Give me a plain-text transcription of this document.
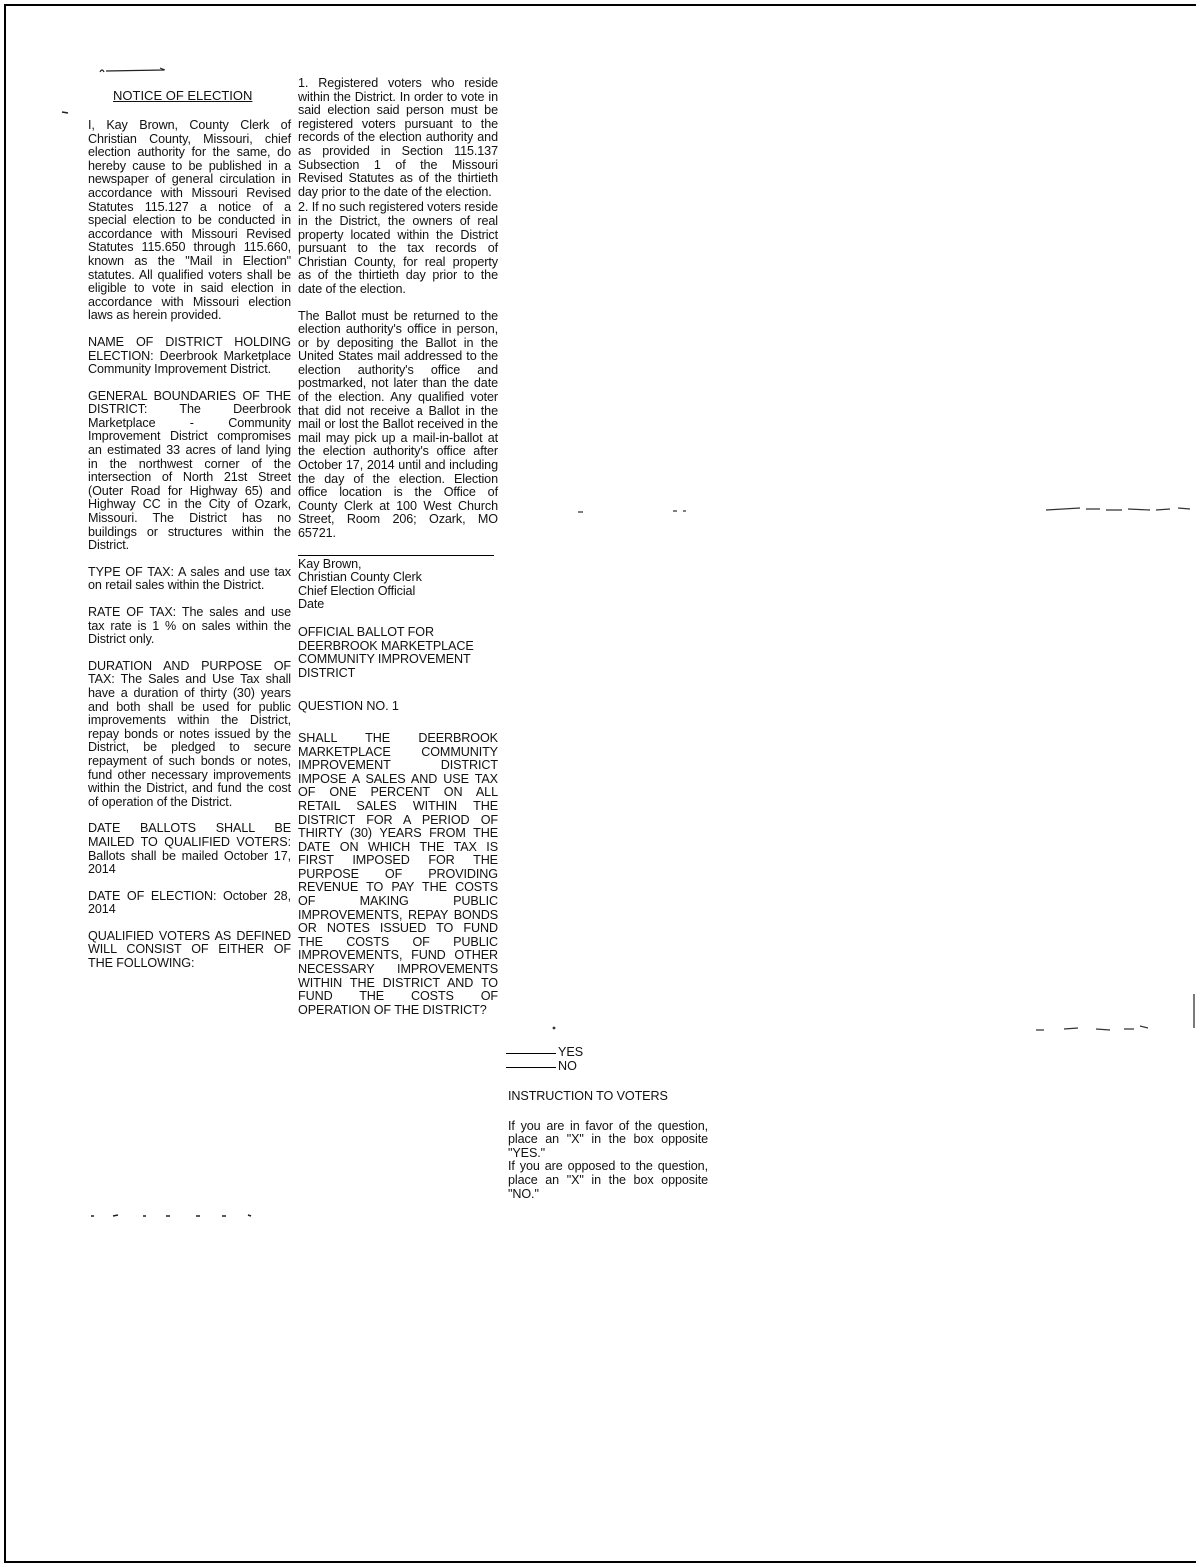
NOTICE OF ELECTION

I, Kay Brown, County Clerk of Christian County, Missouri, chief election authority for the same, do hereby cause to be published in a newspaper of general circulation in accordance with Missouri Revised Statutes 115.127 a notice of a special election to be conducted in accordance with Missouri Revised Statutes 115.650 through 115.660, known as the "Mail in Election" statutes. All qualified voters shall be eligible to vote in said election in accordance with Missouri election laws as herein provided.

NAME OF DISTRICT HOLDING ELECTION: Deerbrook Marketplace Community Improvement District.

GENERAL BOUNDARIES OF THE DISTRICT: The Deerbrook Marketplace - Community Improvement District compromises an estimated 33 acres of land lying in the northwest corner of the intersection of North 21st Street (Outer Road for Highway 65) and Highway CC in the City of Ozark, Missouri. The District has no buildings or structures within the District.

TYPE OF TAX: A sales and use tax on retail sales within the District.

RATE OF TAX: The sales and use tax rate is 1 % on sales within the District only.

DURATION AND PURPOSE OF TAX: The Sales and Use Tax shall have a duration of thirty (30) years and both shall be used for public improvements within the District, repay bonds or notes issued by the District, be pledged to secure repayment of such bonds or notes, fund other necessary improvements within the District, and fund the cost of operation of the District.

DATE BALLOTS SHALL BE MAILED TO QUALIFIED VOTERS: Ballots shall be mailed October 17, 2014

DATE OF ELECTION: October 28, 2014

QUALIFIED VOTERS AS DEFINED WILL CONSIST OF EITHER OF THE FOLLOWING:

1. Registered voters who reside within the District. In order to vote in said election said person must be registered voters pursuant to the records of the election authority and as provided in Section 115.137 Subsection 1 of the Missouri Revised Statutes as of the thirtieth day prior to the date of the election.

2. If no such registered voters reside in the District, the owners of real property located within the District pursuant to the tax records of Christian County, for real property as of the thirtieth day prior to the date of the election.

The Ballot must be returned to the election authority's office in person, or by depositing the Ballot in the United States mail addressed to the election authority's office and postmarked, not later than the date of the election. Any qualified voter that did not receive a Ballot in the mail or lost the Ballot received in the mail may pick up a mail-in-ballot at the election authority's office after October 17, 2014 until and including the day of the election. Election office location is the Office of County Clerk at 100 West Church Street, Room 206; Ozark, MO 65721.

Kay Brown,

Christian County Clerk

Chief Election Official

Date

OFFICIAL BALLOT FOR DEERBROOK MARKETPLACE COMMUNITY IMPROVEMENT DISTRICT

QUESTION NO. 1

SHALL THE DEERBROOK MARKETPLACE COMMUNITY IMPROVEMENT DISTRICT IMPOSE A SALES AND USE TAX OF ONE PERCENT ON ALL RETAIL SALES WITHIN THE DISTRICT FOR A PERIOD OF THIRTY (30) YEARS FROM THE DATE ON WHICH THE TAX IS FIRST IMPOSED FOR THE PURPOSE OF PROVIDING REVENUE TO PAY THE COSTS OF MAKING PUBLIC IMPROVEMENTS, REPAY BONDS OR NOTES ISSUED TO FUND THE COSTS OF PUBLIC IMPROVEMENTS, FUND OTHER NECESSARY IMPROVEMENTS WITHIN THE DISTRICT AND TO FUND THE COSTS OF OPERATION OF THE DISTRICT?

YES
NO

INSTRUCTION TO VOTERS

If you are in favor of the question, place an "X" in the box opposite "YES."

If you are opposed to the question, place an "X" in the box opposite "NO."
